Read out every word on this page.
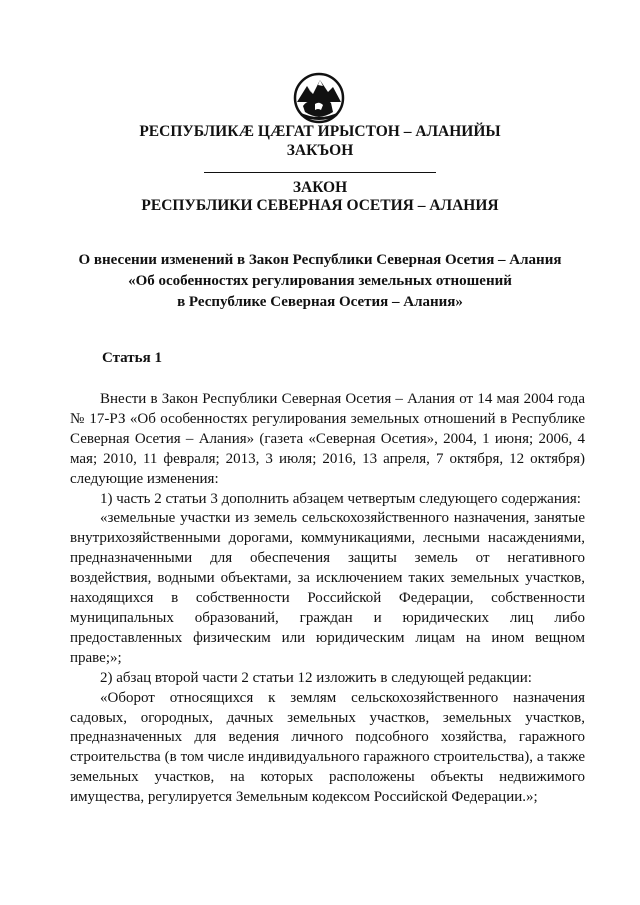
РЕСПУБЛИКÆ ЦÆГАТ ИРЫСТОН – АЛАНИЙЫ
ЗАКЪОН
ЗАКОН
РЕСПУБЛИКИ СЕВЕРНАЯ ОСЕТИЯ – АЛАНИЯ
О внесении изменений в Закон Республики Северная Осетия – Алания
«Об особенностях регулирования земельных отношений
в Республике Северная Осетия – Алания»
Статья 1

Внести в Закон Республики Северная Осетия – Алания от 14 мая 2004 года № 17-РЗ «Об особенностях регулирования земельных отношений в Республике Северная Осетия – Алания» (газета «Северная Осетия», 2004, 1 июня; 2006, 4 мая; 2010, 11 февраля; 2013, 3 июля; 2016, 13 апреля, 7 октября, 12 октября) следующие изменения:

1) часть 2 статьи 3 дополнить абзацем четвертым следующего содержания:

«земельные участки из земель сельскохозяйственного назначения, занятые внутрихозяйственными дорогами, коммуникациями, лесными насаждениями, предназначенными для обеспечения защиты земель от негативного воздействия, водными объектами, за исключением таких земельных участков, находящихся в собственности Российской Федерации, собственности муниципальных образований, граждан и юридических лиц либо предоставленных физическим или юридическим лицам на ином вещном праве;»;

2) абзац второй части 2 статьи 12 изложить в следующей редакции:

«Оборот относящихся к землям сельскохозяйственного назначения садовых, огородных, дачных земельных участков, земельных участков, предназначенных для ведения личного подсобного хозяйства, гаражного строительства (в том числе индивидуального гаражного строительства), а также земельных участков, на которых расположены объекты недвижимого имущества, регулируется Земельным кодексом Российской Федерации.»;
